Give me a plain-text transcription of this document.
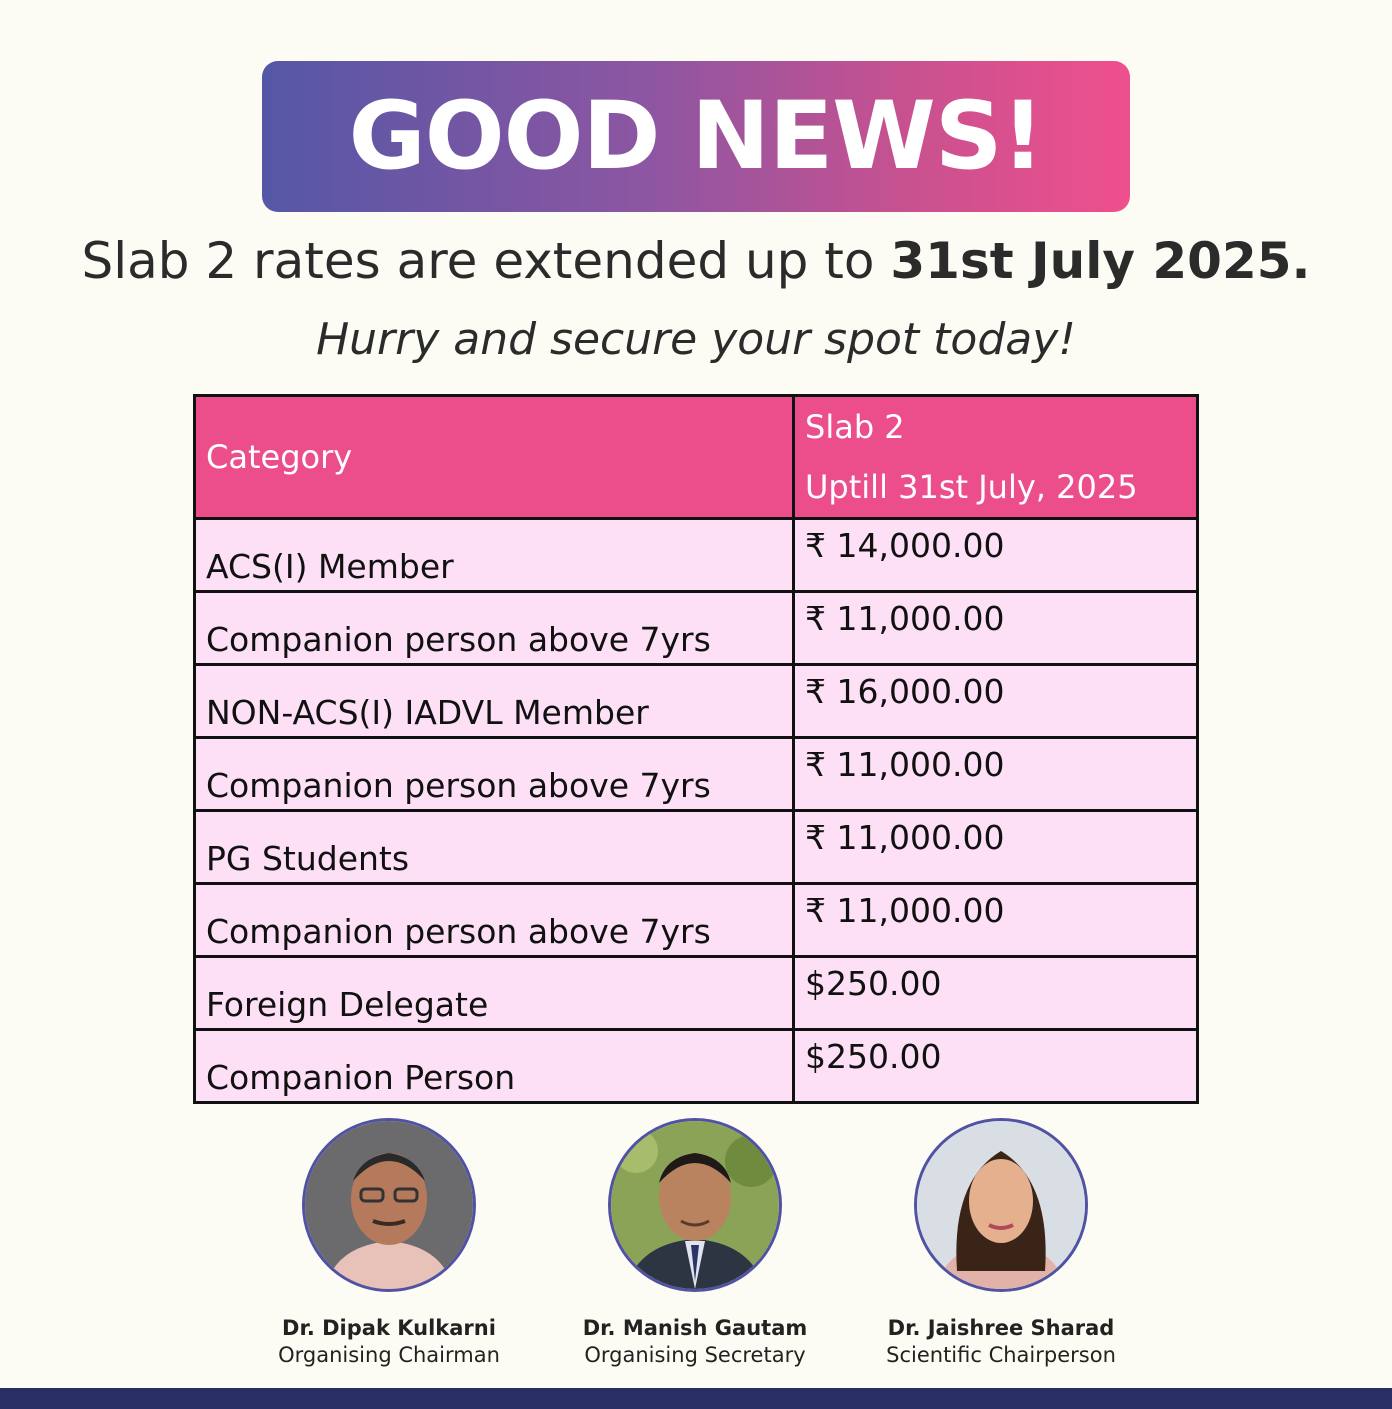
GOOD NEWS!
Slab 2 rates are extended up to 31st July 2025.
Hurry and secure your spot today!
Category	Slab 2
Uptill 31st July, 2025

ACS(I) Member	₹ 14,000.00
Companion person above 7yrs	₹ 11,000.00
NON-ACS(I) IADVL Member	₹ 16,000.00
Companion person above 7yrs	₹ 11,000.00
PG Students	₹ 11,000.00
Companion person above 7yrs	₹ 11,000.00
Foreign Delegate	$250.00
Companion Person	$250.00
Dr. Dipak Kulkarni
Organising Chairman
Dr. Manish Gautam
Organising Secretary
Dr. Jaishree Sharad
Scientific Chairperson
